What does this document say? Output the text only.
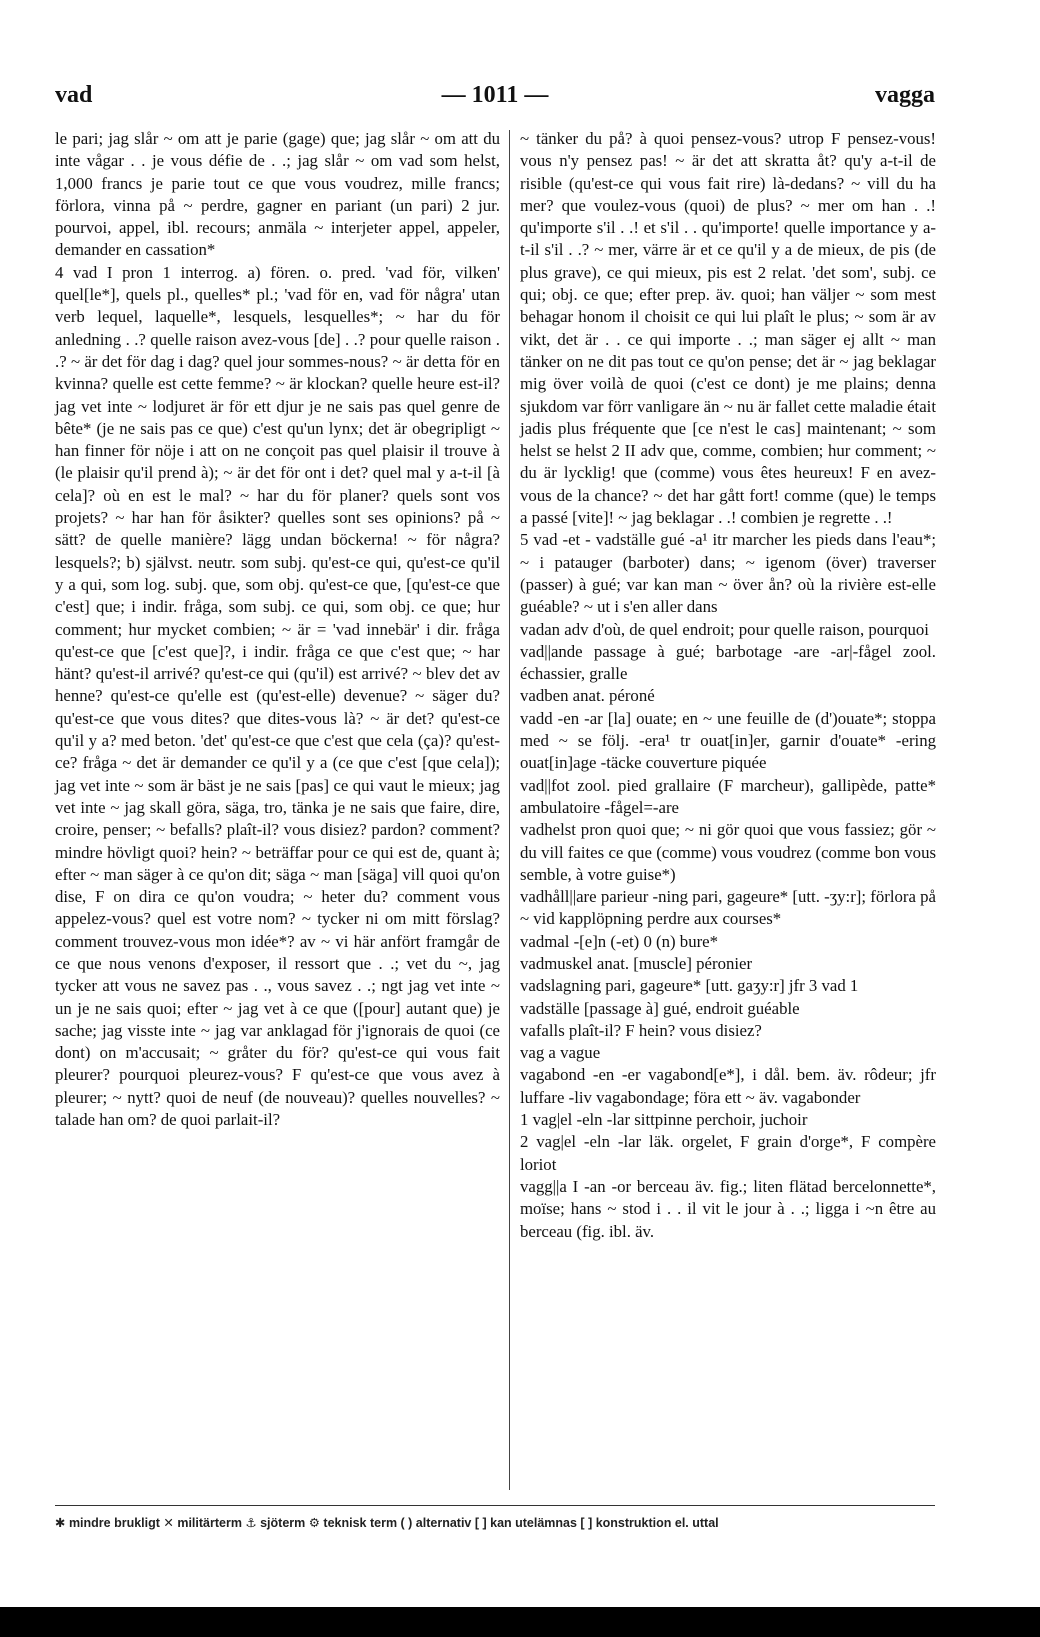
vad	— 1011 —	vagga

le pari; jag slår ~ om att je parie (gage) que; jag slår ~ om att du inte vågar . . je vous défie de . .; jag slår ~ om vad som helst, 1,000 francs je parie tout ce que vous voudrez, mille francs; förlora, vinna på ~ perdre, gagner en pariant (un pari) 2 jur. pourvoi, appel, ibl. recours; anmäla ~ interjeter appel, appeler, demander en cassation*

4 vad I pron 1 interrog. a) fören. o. pred. 'vad för, vilken' quel[le*], quels pl., quelles* pl.; 'vad för en, vad för några' utan verb lequel, laquelle*, lesquels, lesquelles*; ~ har du för anledning . .? quelle raison avez-vous [de] . .? pour quelle raison . .? ~ är det för dag i dag? quel jour sommes-nous? ~ är detta för en kvinna? quelle est cette femme? ~ är klockan? quelle heure est-il? jag vet inte ~ lodjuret är för ett djur je ne sais pas quel genre de bête* (je ne sais pas ce que) c'est qu'un lynx; det är obegripligt ~ han finner för nöje i att on ne conçoit pas quel plaisir il trouve à (le plaisir qu'il prend à); ~ är det för ont i det? quel mal y a-t-il [à cela]? où en est le mal? ~ har du för planer? quels sont vos projets? ~ har han för åsikter? quelles sont ses opinions? på ~ sätt? de quelle manière? lägg undan böckerna! ~ för några? lesquels?; b) självst. neutr. som subj. qu'est-ce qui, qu'est-ce qu'il y a qui, som log. subj. que, som obj. qu'est-ce que, [qu'est-ce que c'est] que; i indir. fråga, som subj. ce qui, som obj. ce que; hur comment; hur mycket combien; ~ är = 'vad innebär' i dir. fråga qu'est-ce que [c'est que]?, i indir. fråga ce que c'est que; ~ har hänt? qu'est-il arrivé? qu'est-ce qui (qu'il) est arrivé? ~ blev det av henne? qu'est-ce qu'elle est (qu'est-elle) devenue? ~ säger du? qu'est-ce que vous dites? que dites-vous là? ~ är det? qu'est-ce qu'il y a? med beton. 'det' qu'est-ce que c'est que cela (ça)? qu'est-ce? fråga ~ det är demander ce qu'il y a (ce que c'est [que cela]); jag vet inte ~ som är bäst je ne sais [pas] ce qui vaut le mieux; jag vet inte ~ jag skall göra, säga, tro, tänka je ne sais que faire, dire, croire, penser; ~ befalls? plaît-il? vous disiez? pardon? comment? mindre hövligt quoi? hein? ~ beträffar pour ce qui est de, quant à; efter ~ man säger à ce qu'on dit; säga ~ man [säga] vill quoi qu'on dise, F on dira ce qu'on voudra; ~ heter du? comment vous appelez-vous? quel est votre nom? ~ tycker ni om mitt förslag? comment trouvez-vous mon idée*? av ~ vi här anfört framgår de ce que nous venons d'exposer, il ressort que . .; vet du ~, jag tycker att vous ne savez pas . ., vous savez . .; ngt jag vet inte ~ un je ne sais quoi; efter ~ jag vet à ce que ([pour] autant que) je sache; jag visste inte ~ jag var anklagad för j'ignorais de quoi (ce dont) on m'accusait; ~ gråter du för? qu'est-ce qui vous fait pleurer? pourquoi pleurez-vous? F qu'est-ce que vous avez à pleurer; ~ nytt? quoi de neuf (de nouveau)? quelles nouvelles? ~ talade han om? de quoi parlait-il?

~ tänker du på? à quoi pensez-vous? utrop F pensez-vous! vous n'y pensez pas! ~ är det att skratta åt? qu'y a-t-il de risible (qu'est-ce qui vous fait rire) là-dedans? ~ vill du ha mer? que voulez-vous (quoi) de plus? ~ mer om han . .! qu'importe s'il . .! et s'il . . qu'importe! quelle importance y a-t-il s'il . .? ~ mer, värre är et ce qu'il y a de mieux, de pis (de plus grave), ce qui mieux, pis est 2 relat. 'det som', subj. ce qui; obj. ce que; efter prep. äv. quoi; han väljer ~ som mest behagar honom il choisit ce qui lui plaît le plus; ~ som är av vikt, det är . . ce qui importe . .; man säger ej allt ~ man tänker on ne dit pas tout ce qu'on pense; det är ~ jag beklagar mig över voilà de quoi (c'est ce dont) je me plains; denna sjukdom var förr vanligare än ~ nu är fallet cette maladie était jadis plus fréquente que [ce n'est le cas] maintenant; ~ som helst se helst 2 II adv que, comme, combien; hur comment; ~ du är lycklig! que (comme) vous êtes heureux! F en avez-vous de la chance? ~ det har gått fort! comme (que) le temps a passé [vite]! ~ jag beklagar . .! combien je regrette . .!

5 vad -et - vadställe gué -a¹ itr marcher les pieds dans l'eau*; ~ i patauger (barboter) dans; ~ igenom (över) traverser (passer) à gué; var kan man ~ över ån? où la rivière est-elle guéable? ~ ut i s'en aller dans

vadan adv d'où, de quel endroit; pour quelle raison, pourquoi

vad||ande passage à gué; barbotage -are -ar|-fågel zool. échassier, gralle

vadben anat. péroné

vadd -en -ar [la] ouate; en ~ une feuille de (d')ouate*; stoppa med ~ se följ. -era¹ tr ouat[in]er, garnir d'ouate* -ering ouat[in]age -täcke couverture piquée

vad||fot zool. pied grallaire (F marcheur), gallipède, patte* ambulatoire -fågel=-are

vadhelst pron quoi que; ~ ni gör quoi que vous fassiez; gör ~ du vill faites ce que (comme) vous voudrez (comme bon vous semble, à votre guise*)

vadhåll||are parieur -ning pari, gageure* [utt. -ʒy:r]; förlora på ~ vid kapplöpning perdre aux courses*

vadmal -[e]n (-et) 0 (n) bure*

vadmuskel anat. [muscle] péronier

vadslagning pari, gageure* [utt. gaʒy:r] jfr 3 vad 1

vadställe [passage à] gué, endroit guéable

vafalls plaît-il? F hein? vous disiez?

vag a vague

vagabond -en -er vagabond[e*], i dål. bem. äv. rôdeur; jfr luffare -liv vagabondage; föra ett ~ äv. vagabonder

1 vag|el -eln -lar sittpinne perchoir, juchoir

2 vag|el -eln -lar läk. orgelet, F grain d'orge*, F compère loriot

vagg||a I -an -or berceau äv. fig.; liten flätad bercelonnette*, moïse; hans ~ stod i . . il vit le jour à . .; ligga i ~n être au berceau (fig. ibl. äv.

✱ mindre brukligt ✕ militärterm ⚓ sjöterm ⚙ teknisk term ( ) alternativ [ ] kan utelämnas [ ] konstruktion el. uttal
